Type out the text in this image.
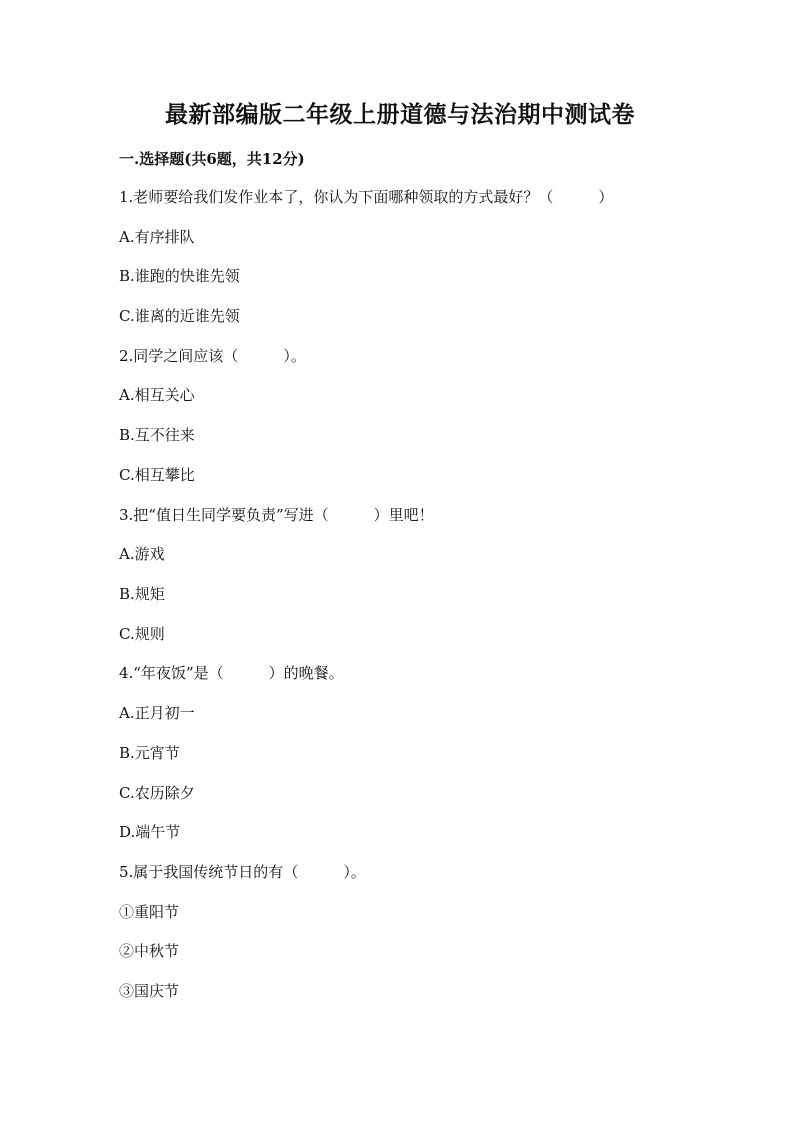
最新部编版二年级上册道德与法治期中测试卷
一.选择题(共6题，共12分)
1.老师要给我们发作业本了，你认为下面哪种领取的方式最好？（　　　）
A.有序排队
B.谁跑的快谁先领
C.谁离的近谁先领
2.同学之间应该（　　　）。
A.相互关心
B.互不往来
C.相互攀比
3.把“值日生同学要负责”写进（　　　）里吧！
A.游戏
B.规矩
C.规则
4.“年夜饭”是（　　　）的晚餐。
A.正月初一
B.元宵节
C.农历除夕
D.端午节
5.属于我国传统节日的有（　　　）。
①重阳节
②中秋节
③国庆节
